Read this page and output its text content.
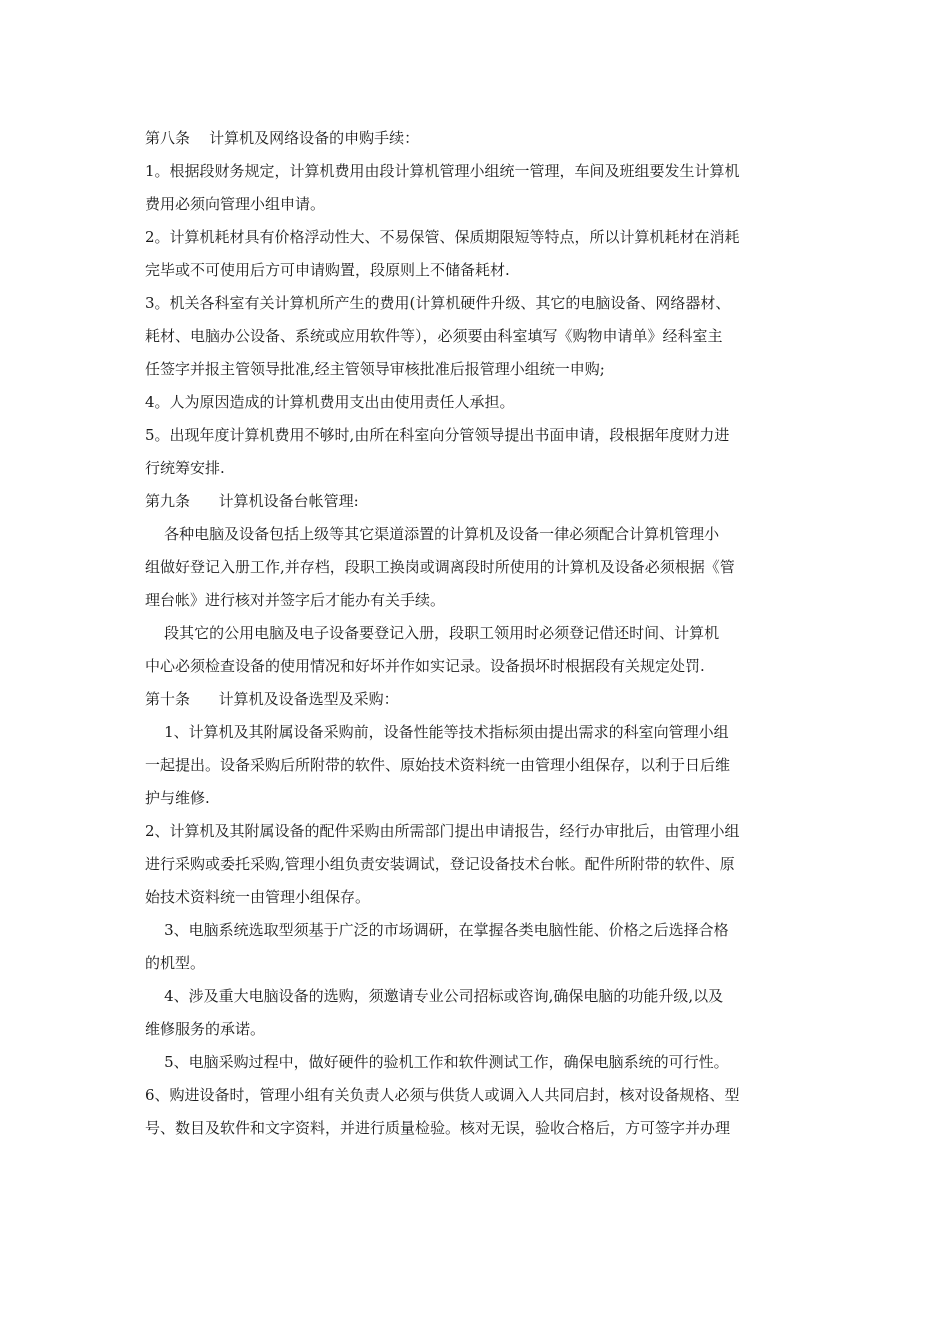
第八条    计算机及网络设备的申购手续：
1。根据段财务规定，计算机费用由段计算机管理小组统一管理，车间及班组要发生计算机
费用必须向管理小组申请。
2。计算机耗材具有价格浮动性大、不易保管、保质期限短等特点，所以计算机耗材在消耗
完毕或不可使用后方可申请购置，段原则上不储备耗材.
3。机关各科室有关计算机所产生的费用(计算机硬件升级、其它的电脑设备、网络器材、
耗材、电脑办公设备、系统或应用软件等），必须要由科室填写《购物申请单》经科室主
任签字并报主管领导批准,经主管领导审核批准后报管理小组统一申购;
4。人为原因造成的计算机费用支出由使用责任人承担。
5。出现年度计算机费用不够时,由所在科室向分管领导提出书面申请，段根据年度财力进
行统筹安排.
第九条      计算机设备台帐管理:
各种电脑及设备包括上级等其它渠道添置的计算机及设备一律必须配合计算机管理小
组做好登记入册工作,并存档，段职工换岗或调离段时所使用的计算机及设备必须根据《管
理台帐》进行核对并签字后才能办有关手续。
段其它的公用电脑及电子设备要登记入册，段职工领用时必须登记借还时间、计算机
中心必须检查设备的使用情况和好坏并作如实记录。设备损坏时根据段有关规定处罚.
第十条      计算机及设备选型及采购：
1、计算机及其附属设备采购前，设备性能等技术指标须由提出需求的科室向管理小组
一起提出。设备采购后所附带的软件、原始技术资料统一由管理小组保存，以利于日后维
护与维修.
2、计算机及其附属设备的配件采购由所需部门提出申请报告，经行办审批后，由管理小组
进行采购或委托采购,管理小组负责安装调试，登记设备技术台帐。配件所附带的软件、原
始技术资料统一由管理小组保存。
3、电脑系统选取型须基于广泛的市场调研，在掌握各类电脑性能、价格之后选择合格
的机型。
4、涉及重大电脑设备的选购，须邀请专业公司招标或咨询,确保电脑的功能升级,以及
维修服务的承诺。
5、电脑采购过程中，做好硬件的验机工作和软件测试工作，确保电脑系统的可行性。
6、购进设备时，管理小组有关负责人必须与供货人或调入人共同启封，核对设备规格、型
号、数目及软件和文字资料，并进行质量检验。核对无误，验收合格后，方可签字并办理
